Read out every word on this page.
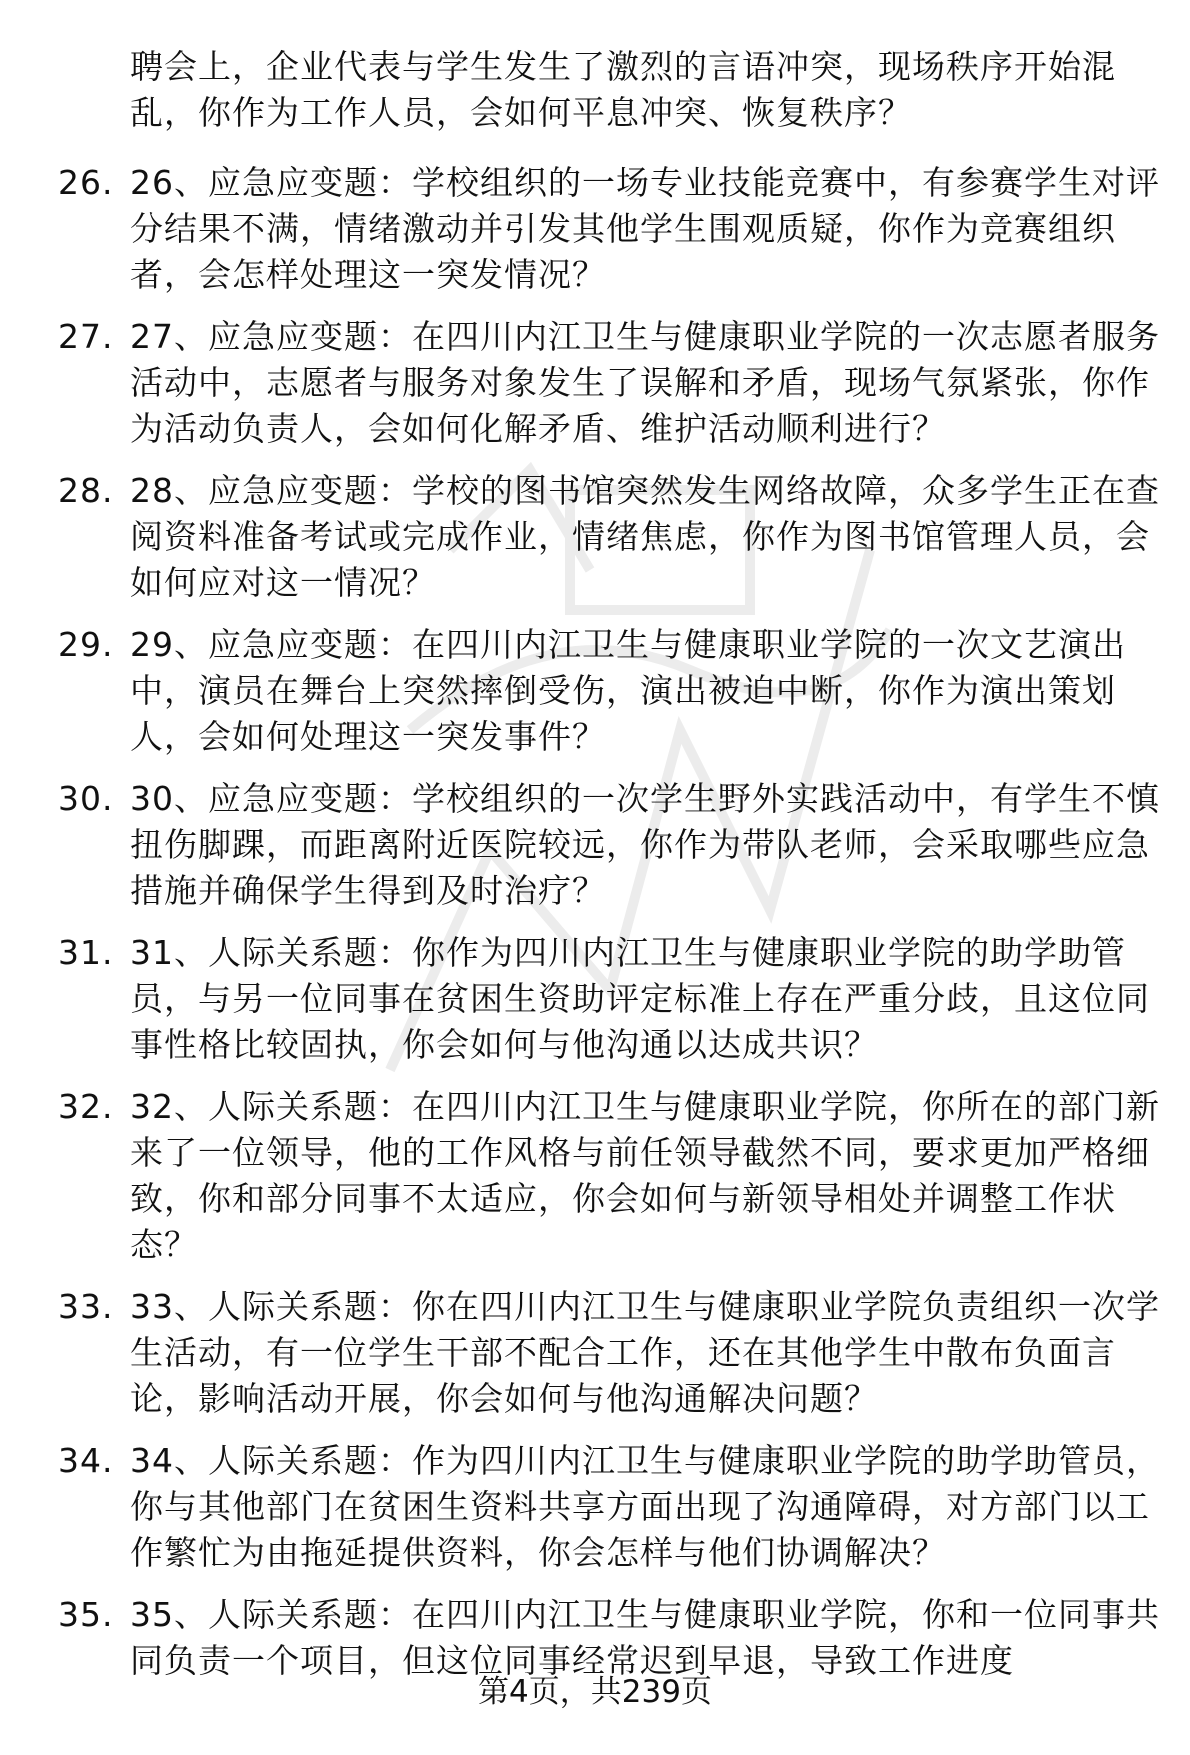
聘会上，企业代表与学生发生了激烈的言语冲突，现场秩序开始混乱，你作为工作人员，会如何平息冲突、恢复秩序？
26. 26、应急应变题：学校组织的一场专业技能竞赛中，有参赛学生对评分结果不满，情绪激动并引发其他学生围观质疑，你作为竞赛组织者，会怎样处理这一突发情况？
27. 27、应急应变题：在四川内江卫生与健康职业学院的一次志愿者服务活动中，志愿者与服务对象发生了误解和矛盾，现场气氛紧张，你作为活动负责人，会如何化解矛盾、维护活动顺利进行？
28. 28、应急应变题：学校的图书馆突然发生网络故障，众多学生正在查阅资料准备考试或完成作业，情绪焦虑，你作为图书馆管理人员，会如何应对这一情况？
29. 29、应急应变题：在四川内江卫生与健康职业学院的一次文艺演出中，演员在舞台上突然摔倒受伤，演出被迫中断，你作为演出策划人，会如何处理这一突发事件？
30. 30、应急应变题：学校组织的一次学生野外实践活动中，有学生不慎扭伤脚踝，而距离附近医院较远，你作为带队老师，会采取哪些应急措施并确保学生得到及时治疗？
31. 31、人际关系题：你作为四川内江卫生与健康职业学院的助学助管员，与另一位同事在贫困生资助评定标准上存在严重分歧，且这位同事性格比较固执，你会如何与他沟通以达成共识？
32. 32、人际关系题：在四川内江卫生与健康职业学院，你所在的部门新来了一位领导，他的工作风格与前任领导截然不同，要求更加严格细致，你和部分同事不太适应，你会如何与新领导相处并调整工作状态？
33. 33、人际关系题：你在四川内江卫生与健康职业学院负责组织一次学生活动，有一位学生干部不配合工作，还在其他学生中散布负面言论，影响活动开展，你会如何与他沟通解决问题？
34. 34、人际关系题：作为四川内江卫生与健康职业学院的助学助管员，你与其他部门在贫困生资料共享方面出现了沟通障碍，对方部门以工作繁忙为由拖延提供资料，你会怎样与他们协调解决？
35. 35、人际关系题：在四川内江卫生与健康职业学院，你和一位同事共同负责一个项目，但这位同事经常迟到早退，导致工作进度
第4页，共239页
